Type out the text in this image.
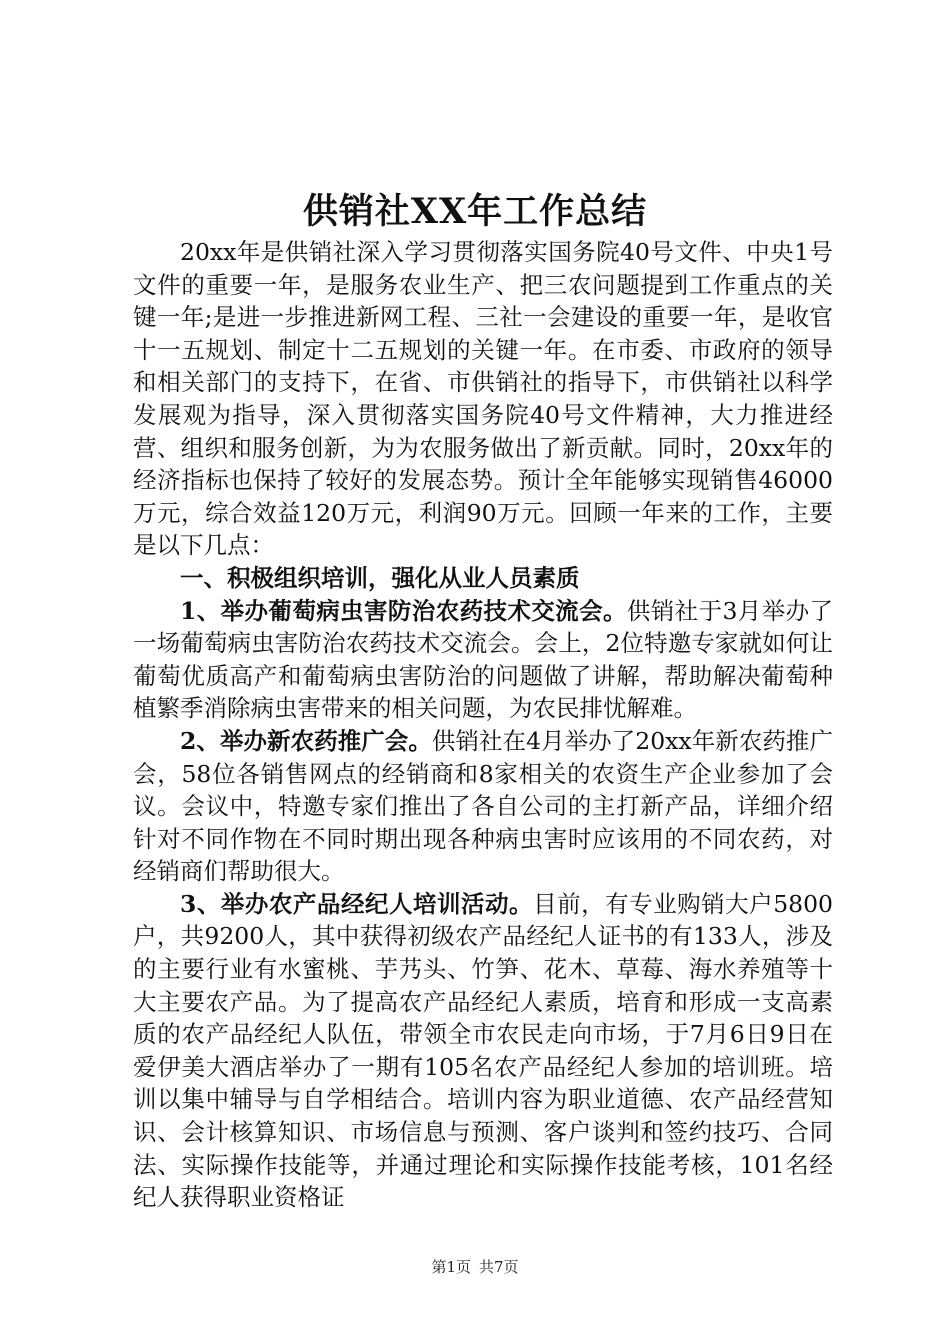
供销社XX年工作总结

20xx年是供销社深入学习贯彻落实国务院40号文件、中央1号文件的重要一年，是服务农业生产、把三农问题提到工作重点的关键一年;是进一步推进新网工程、三社一会建设的重要一年，是收官十一五规划、制定十二五规划的关键一年。在市委、市政府的领导和相关部门的支持下，在省、市供销社的指导下，市供销社以科学发展观为指导，深入贯彻落实国务院40号文件精神，大力推进经营、组织和服务创新，为为农服务做出了新贡献。同时，20xx年的经济指标也保持了较好的发展态势。预计全年能够实现销售46000万元，综合效益120万元，利润90万元。回顾一年来的工作，主要是以下几点：

一、积极组织培训，强化从业人员素质

1、举办葡萄病虫害防治农药技术交流会。供销社于3月举办了一场葡萄病虫害防治农药技术交流会。会上，2位特邀专家就如何让葡萄优质高产和葡萄病虫害防治的问题做了讲解，帮助解决葡萄种植繁季消除病虫害带来的相关问题，为农民排忧解难。

2、举办新农药推广会。供销社在4月举办了20xx年新农药推广会，58位各销售网点的经销商和8家相关的农资生产企业参加了会议。会议中，特邀专家们推出了各自公司的主打新产品，详细介绍针对不同作物在不同时期出现各种病虫害时应该用的不同农药，对经销商们帮助很大。

3、举办农产品经纪人培训活动。目前，有专业购销大户5800户，共9200人，其中获得初级农产品经纪人证书的有133人，涉及的主要行业有水蜜桃、芋艿头、竹笋、花木、草莓、海水养殖等十大主要农产品。为了提高农产品经纪人素质，培育和形成一支高素质的农产品经纪人队伍，带领全市农民走向市场，于7月6日9日在爱伊美大酒店举办了一期有105名农产品经纪人参加的培训班。培训以集中辅导与自学相结合。培训内容为职业道德、农产品经营知识、会计核算知识、市场信息与预测、客户谈判和签约技巧、合同法、实际操作技能等，并通过理论和实际操作技能考核，101名经纪人获得职业资格证

第1页 共7页
